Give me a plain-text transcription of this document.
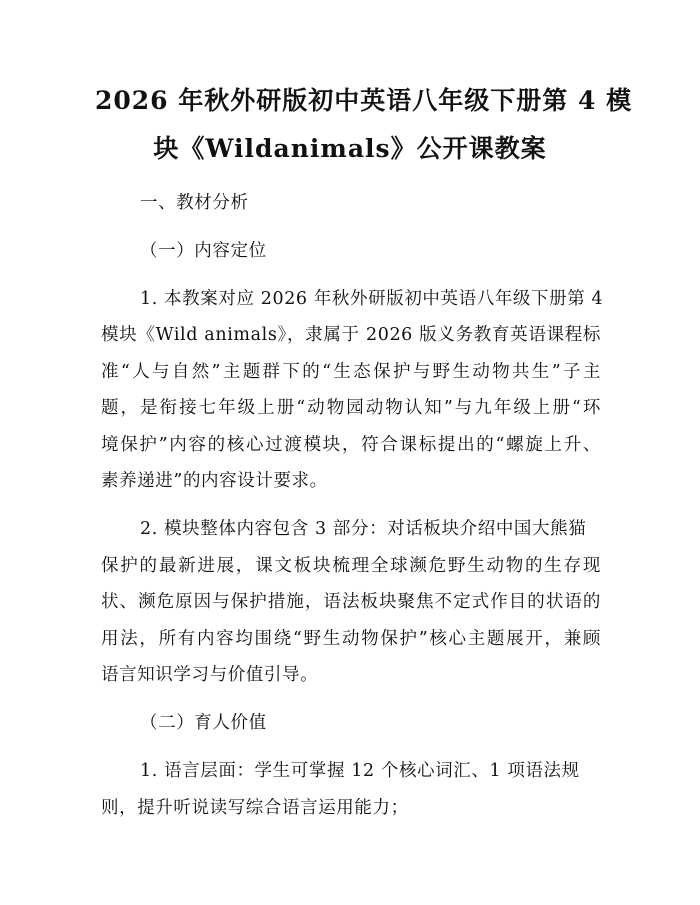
2026 年秋外研版初中英语八年级下册第 4 模
块《Wildanimals》公开课教案

一、教材分析

（一）内容定位

1. 本教案对应 2026 年秋外研版初中英语八年级下册第 4

模块《Wild animals》，隶属于 2026 版义务教育英语课程标

准“人与自然”主题群下的“生态保护与野生动物共生”子主

题，是衔接七年级上册“动物园动物认知”与九年级上册“环

境保护”内容的核心过渡模块，符合课标提出的“螺旋上升、

素养递进”的内容设计要求。

2. 模块整体内容包含 3 部分：对话板块介绍中国大熊猫

保护的最新进展，课文板块梳理全球濒危野生动物的生存现

状、濒危原因与保护措施，语法板块聚焦不定式作目的状语的

用法，所有内容均围绕“野生动物保护”核心主题展开，兼顾

语言知识学习与价值引导。

（二）育人价值

1. 语言层面：学生可掌握 12 个核心词汇、1 项语法规

则，提升听说读写综合语言运用能力；
